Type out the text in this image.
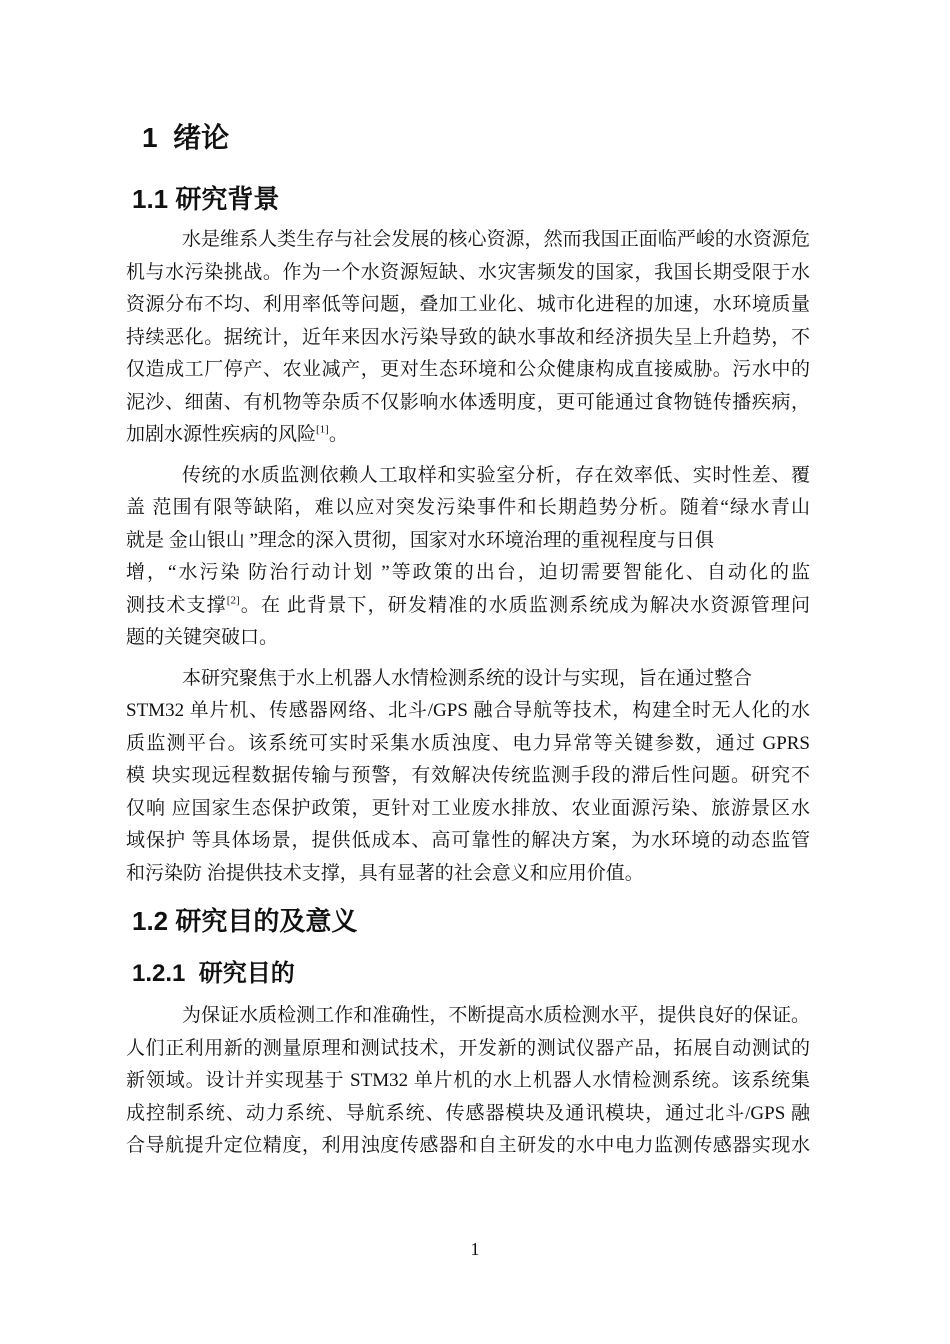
1  绪论
1.1 研究背景
水是维系人类生存与社会发展的核心资源，然而我国正面临严峻的水资源危
机与水污染挑战。作为一个水资源短缺、水灾害频发的国家，我国长期受限于水
资源分布不均、利用率低等问题，叠加工业化、城市化进程的加速，水环境质量
持续恶化。据统计，近年来因水污染导致的缺水事故和经济损失呈上升趋势，不
仅造成工厂停产、农业减产，更对生态环境和公众健康构成直接威胁。污水中的
泥沙、细菌、有机物等杂质不仅影响水体透明度，更可能通过食物链传播疾病，
加剧水源性疾病的风险[1]。
传统的水质监测依赖人工取样和实验室分析，存在效率低、实时性差、覆
盖 范围有限等缺陷，难以应对突发污染事件和长期趋势分析。随着“绿水青山
就是 金山银山 ”理念的深入贯彻，国家对水环境治理的重视程度与日俱
增，“水污染 防治行动计划 ”等政策的出台，迫切需要智能化、自动化的监
测技术支撑[2]。在 此背景下，研发精准的水质监测系统成为解决水资源管理问
题的关键突破口。
本研究聚焦于水上机器人水情检测系统的设计与实现，旨在通过整合
STM32 单片机、传感器网络、北斗/GPS 融合导航等技术，构建全时无人化的水
质监测平台。该系统可实时采集水质浊度、电力异常等关键参数，通过 GPRS
模 块实现远程数据传输与预警，有效解决传统监测手段的滞后性问题。研究不
仅响 应国家生态保护政策，更针对工业废水排放、农业面源污染、旅游景区水
域保护 等具体场景，提供低成本、高可靠性的解决方案，为水环境的动态监管
和污染防 治提供技术支撑，具有显著的社会意义和应用价值。
1.2 研究目的及意义
1.2.1  研究目的
为保证水质检测工作和准确性，不断提高水质检测水平，提供良好的保证。
人们正利用新的测量原理和测试技术，开发新的测试仪器产品，拓展自动测试的
新领域。设计并实现基于 STM32 单片机的水上机器人水情检测系统。该系统集
成控制系统、动力系统、导航系统、传感器模块及通讯模块，通过北斗/GPS 融
合导航提升定位精度，利用浊度传感器和自主研发的水中电力监测传感器实现水
1
